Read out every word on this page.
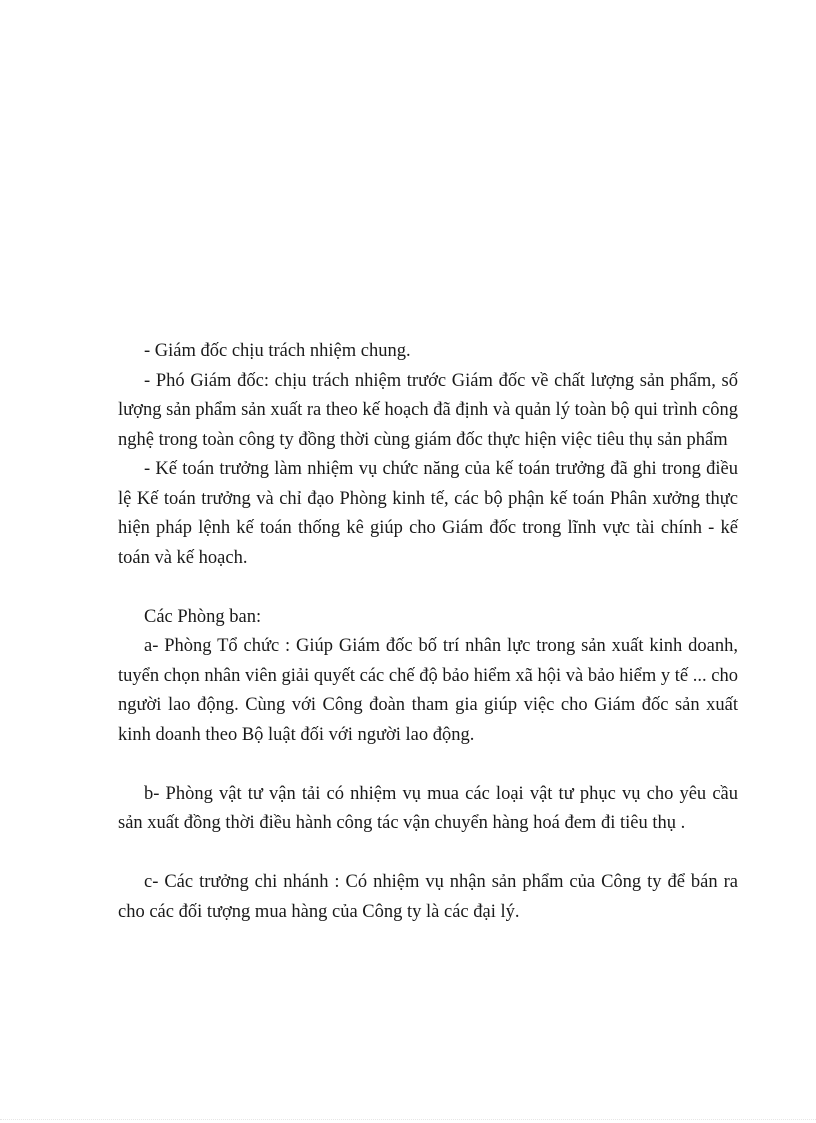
- Giám đốc chịu trách nhiệm chung.

- Phó Giám đốc: chịu trách nhiệm trước Giám đốc về chất lượng sản phẩm, số lượng sản phẩm sản xuất ra theo kế hoạch đã định và quản lý toàn bộ qui trình công nghệ trong toàn công ty đồng thời cùng giám đốc thực hiện việc tiêu thụ sản phẩm

- Kế toán trưởng làm nhiệm vụ chức năng của kế toán trưởng đã ghi trong điều lệ Kế toán trưởng và chỉ đạo Phòng kinh tế, các bộ phận kế toán Phân xưởng thực hiện pháp lệnh kế toán thống kê giúp cho Giám đốc trong lĩnh vực tài chính - kế toán và kế hoạch.

Các Phòng ban:

a- Phòng Tổ chức : Giúp Giám đốc bố trí nhân lực trong sản xuất kinh doanh, tuyển chọn nhân viên giải quyết các chế độ bảo hiểm xã hội và bảo hiểm y tế ... cho người lao động. Cùng với Công đoàn tham gia giúp việc cho Giám đốc sản xuất kinh doanh theo Bộ luật đối với người lao động.

b- Phòng vật tư vận tải có nhiệm vụ mua các loại vật tư phục vụ cho yêu cầu sản xuất đồng thời điều hành công tác vận chuyển hàng hoá đem đi tiêu thụ .

c- Các trưởng chi nhánh : Có nhiệm vụ nhận sản phẩm của Công ty để bán ra cho các đối tượng mua hàng của Công ty là các đại lý.
